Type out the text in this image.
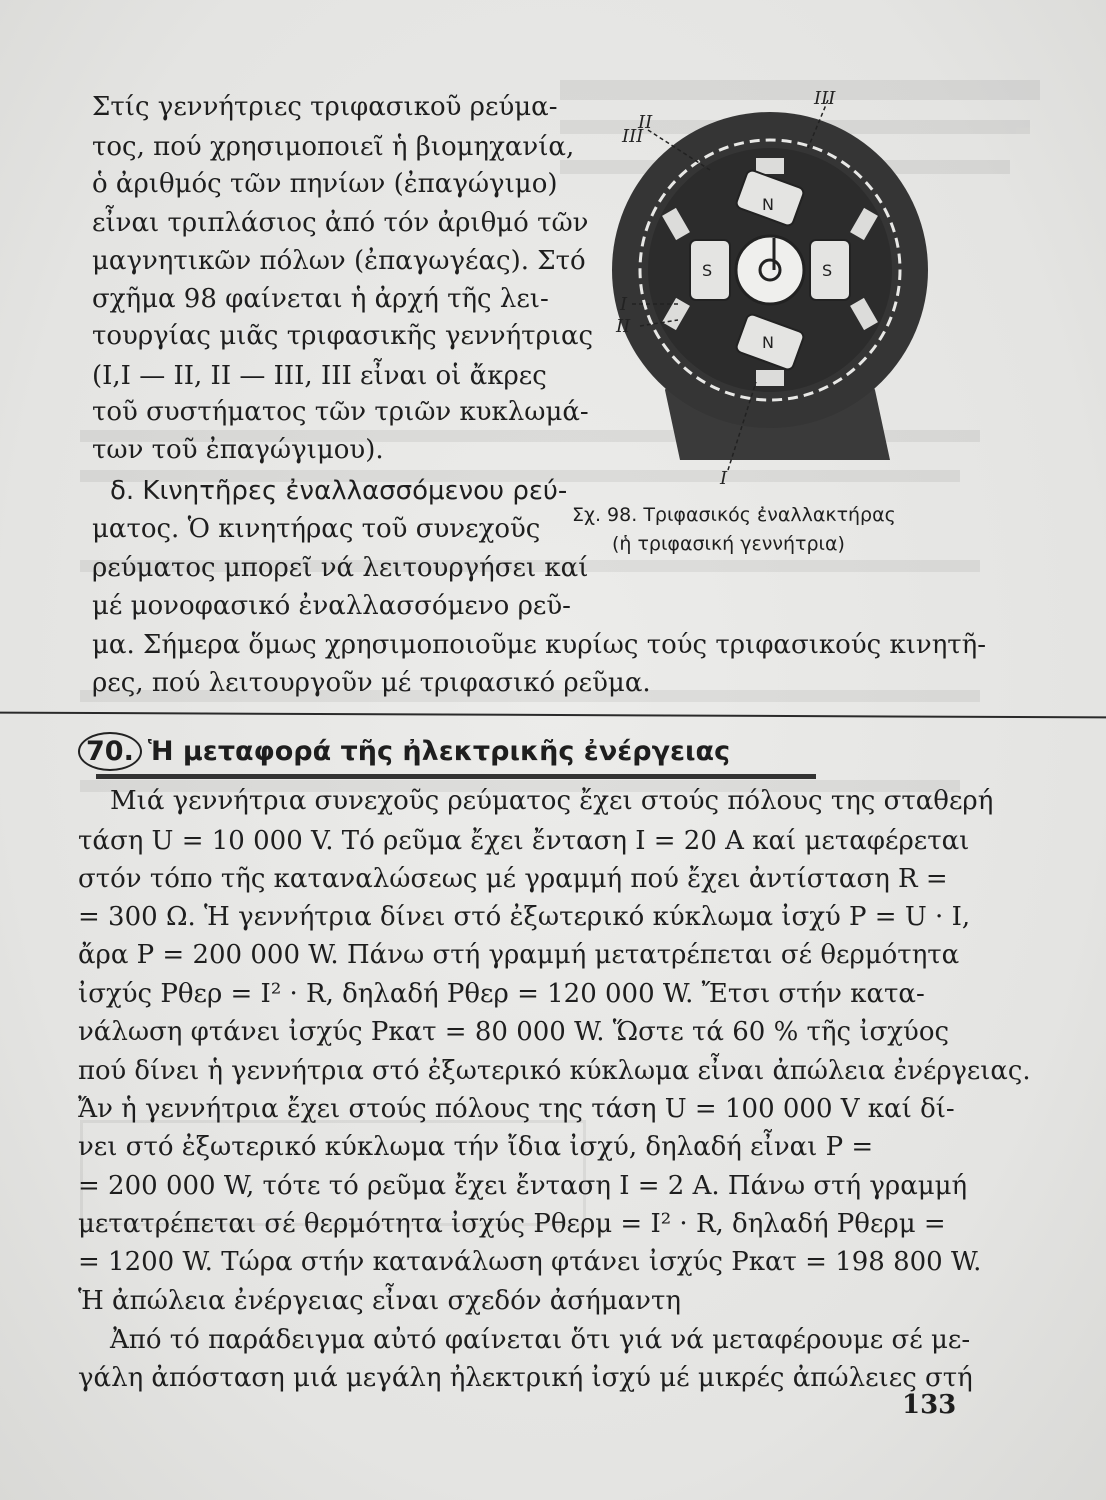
Στίς γεννήτριες τριφασικοῦ ρεύμα-
τος, πού χρησιμοποιεῖ ἡ βιομηχανία,
ὁ ἀριθμός τῶν πηνίων (ἐπαγώγιμο)
εἶναι τριπλάσιος ἀπό τόν ἀριθμό τῶν
μαγνητικῶν πόλων (ἐπαγωγέας). Στό
σχῆμα 98 φαίνεται ἡ ἀρχή τῆς λει-
τουργίας μιᾶς τριφασικῆς γεννήτριας
(Ι,Ι — ΙΙ, ΙΙ — ΙΙΙ, ΙΙΙ εἶναι οἱ ἄκρες
τοῦ συστήματος τῶν τριῶν κυκλωμά-
των τοῦ ἐπαγώγιμου).
δ. Κινητῆρες ἐναλλασσόμενου ρεύ-
ματος. Ὁ κινητήρας τοῦ συνεχοῦς
ρεύματος μπορεῖ νά λειτουργήσει καί
μέ μονοφασικό ἐναλλασσόμενο ρεῦ-
μα. Σήμερα ὅμως χρησιμοποιοῦμε κυρίως τούς τριφασικούς κινητῆ-
ρες, πού λειτουργοῦν μέ τριφασικό ρεῦμα.
N
S
N
S
III
II
III
I
II
I
Σχ. 98. Τριφασικός ἐναλλακτήρας
(ἡ τριφασική γεννήτρια)
70. Ἡ μεταφορά τῆς ἠλεκτρικῆς ἐνέργειας
Μιά γεννήτρια συνεχοῦς ρεύματος ἔχει στούς πόλους της σταθερή
τάση U = 10 000 V. Τό ρεῦμα ἔχει ἔνταση I = 20 A καί μεταφέρεται
στόν τόπο τῆς καταναλώσεως μέ γραμμή πού ἔχει ἀντίσταση R =
= 300 Ω. Ἡ γεννήτρια δίνει στό ἐξωτερικό κύκλωμα ἰσχύ P = U · I,
ἄρα P = 200 000 W. Πάνω στή γραμμή μετατρέπεται σέ θερμότητα
ἰσχύς Pθερ = I² · R, δηλαδή Pθερ = 120 000 W. Ἔτσι στήν κατα-
νάλωση φτάνει ἰσχύς Pκατ = 80 000 W. Ὥστε τά 60 % τῆς ἰσχύος
πού δίνει ἡ γεννήτρια στό ἐξωτερικό κύκλωμα εἶναι ἀπώλεια ἐνέργειας.
Ἄν ἡ γεννήτρια ἔχει στούς πόλους της τάση U = 100 000 V καί δί-
νει στό ἐξωτερικό κύκλωμα τήν ἴδια ἰσχύ, δηλαδή εἶναι P =
= 200 000 W, τότε τό ρεῦμα ἔχει ἔνταση I = 2 A. Πάνω στή γραμμή
μετατρέπεται σέ θερμότητα ἰσχύς Pθερμ = I² · R, δηλαδή Pθερμ =
= 1200 W. Τώρα στήν κατανάλωση φτάνει ἰσχύς Pκατ = 198 800 W.
Ἡ ἀπώλεια ἐνέργειας εἶναι σχεδόν ἀσήμαντη
Ἀπό τό παράδειγμα αὐτό φαίνεται ὅτι γιά νά μεταφέρουμε σέ με-
γάλη ἀπόσταση μιά μεγάλη ἠλεκτρική ἰσχύ μέ μικρές ἀπώλειες στή
133
